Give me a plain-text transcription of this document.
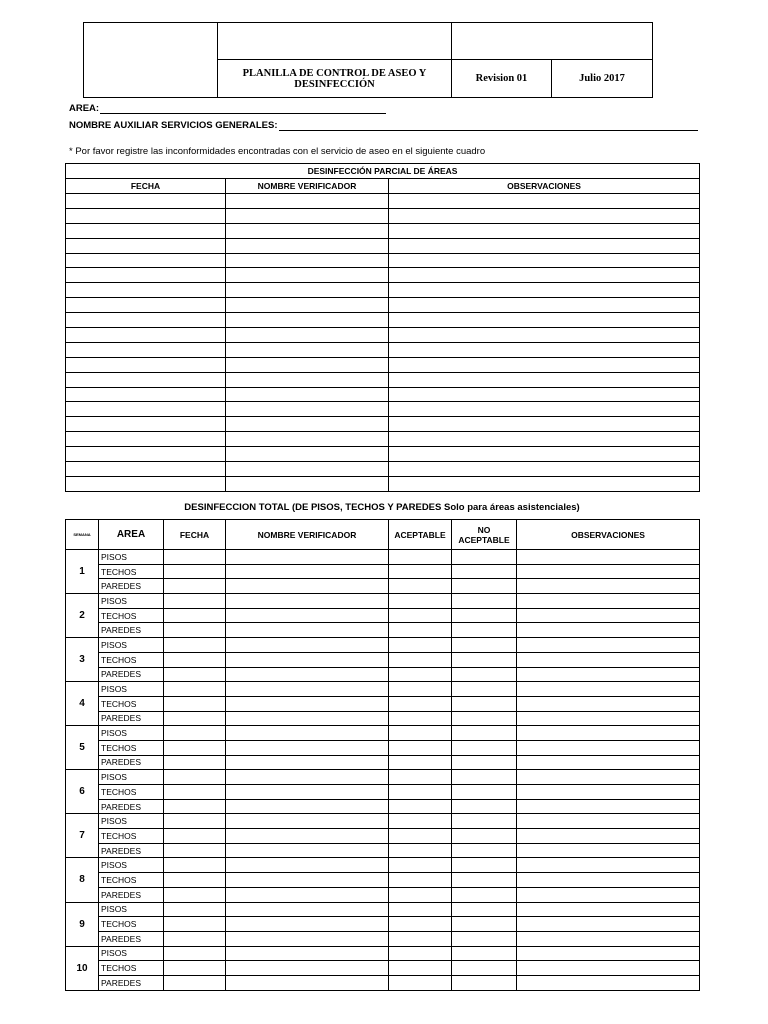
	PLANILLA DE CONTROL DE ASEO Y DESINFECCIÓN	Revision 01	Julio 2017
AREA:
NOMBRE AUXILIAR SERVICIOS GENERALES:
* Por favor registre las inconformidades encontradas con el servicio de aseo en el siguiente cuadro
DESINFECCIÓN PARCIAL DE ÁREAS		
FECHA	NOMBRE VERIFICADOR	OBSERVACIONES

DESINFECCION TOTAL (DE PISOS, TECHOS Y PAREDES Solo para áreas asistenciales)
SEMANA	AREA	FECHA	NOMBRE VERIFICADOR	ACEPTABLE	NO ACEPTABLE	OBSERVACIONES
1	PISOS					
	TECHOS					
	PAREDES					
2	PISOS					
	TECHOS					
	PAREDES					
3	PISOS					
	TECHOS					
	PAREDES					
4	PISOS					
	TECHOS					
	PAREDES					
5	PISOS					
	TECHOS					
	PAREDES					
6	PISOS					
	TECHOS					
	PAREDES					
7	PISOS					
	TECHOS					
	PAREDES					
8	PISOS					
	TECHOS					
	PAREDES					
9	PISOS					
	TECHOS					
	PAREDES					
10	PISOS					
	TECHOS					
	PAREDES					
